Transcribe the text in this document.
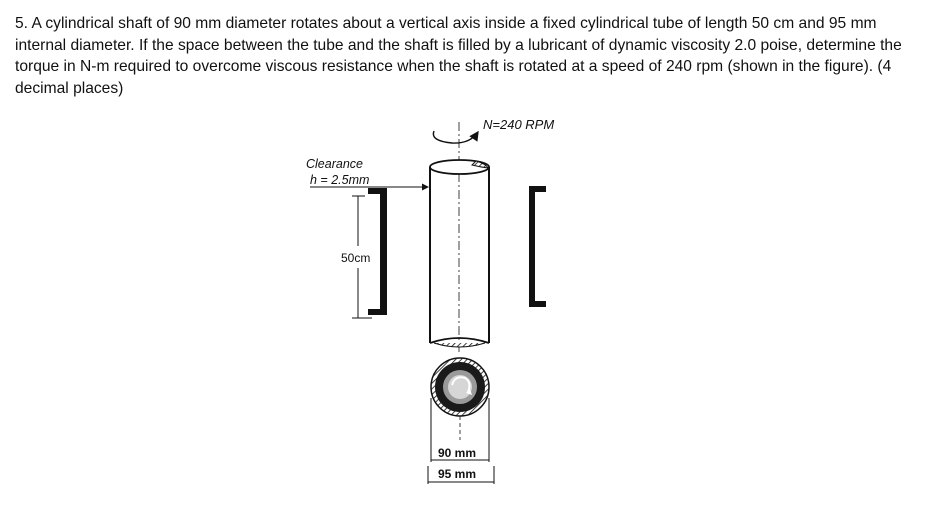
5. A cylindrical shaft of 90 mm diameter rotates about a vertical axis inside a fixed cylindrical tube of length 50 cm and 95 mm internal diameter. If the space between the tube and the shaft is filled by a lubricant of dynamic viscosity 2.0 poise, determine the torque in N-m required to overcome viscous resistance when the shaft is rotated at a speed of 240 rpm (shown in the figure). (4 decimal places)

N=240 RPM
Clearance
h = 2.5mm
50cm
90 mm
95 mm
